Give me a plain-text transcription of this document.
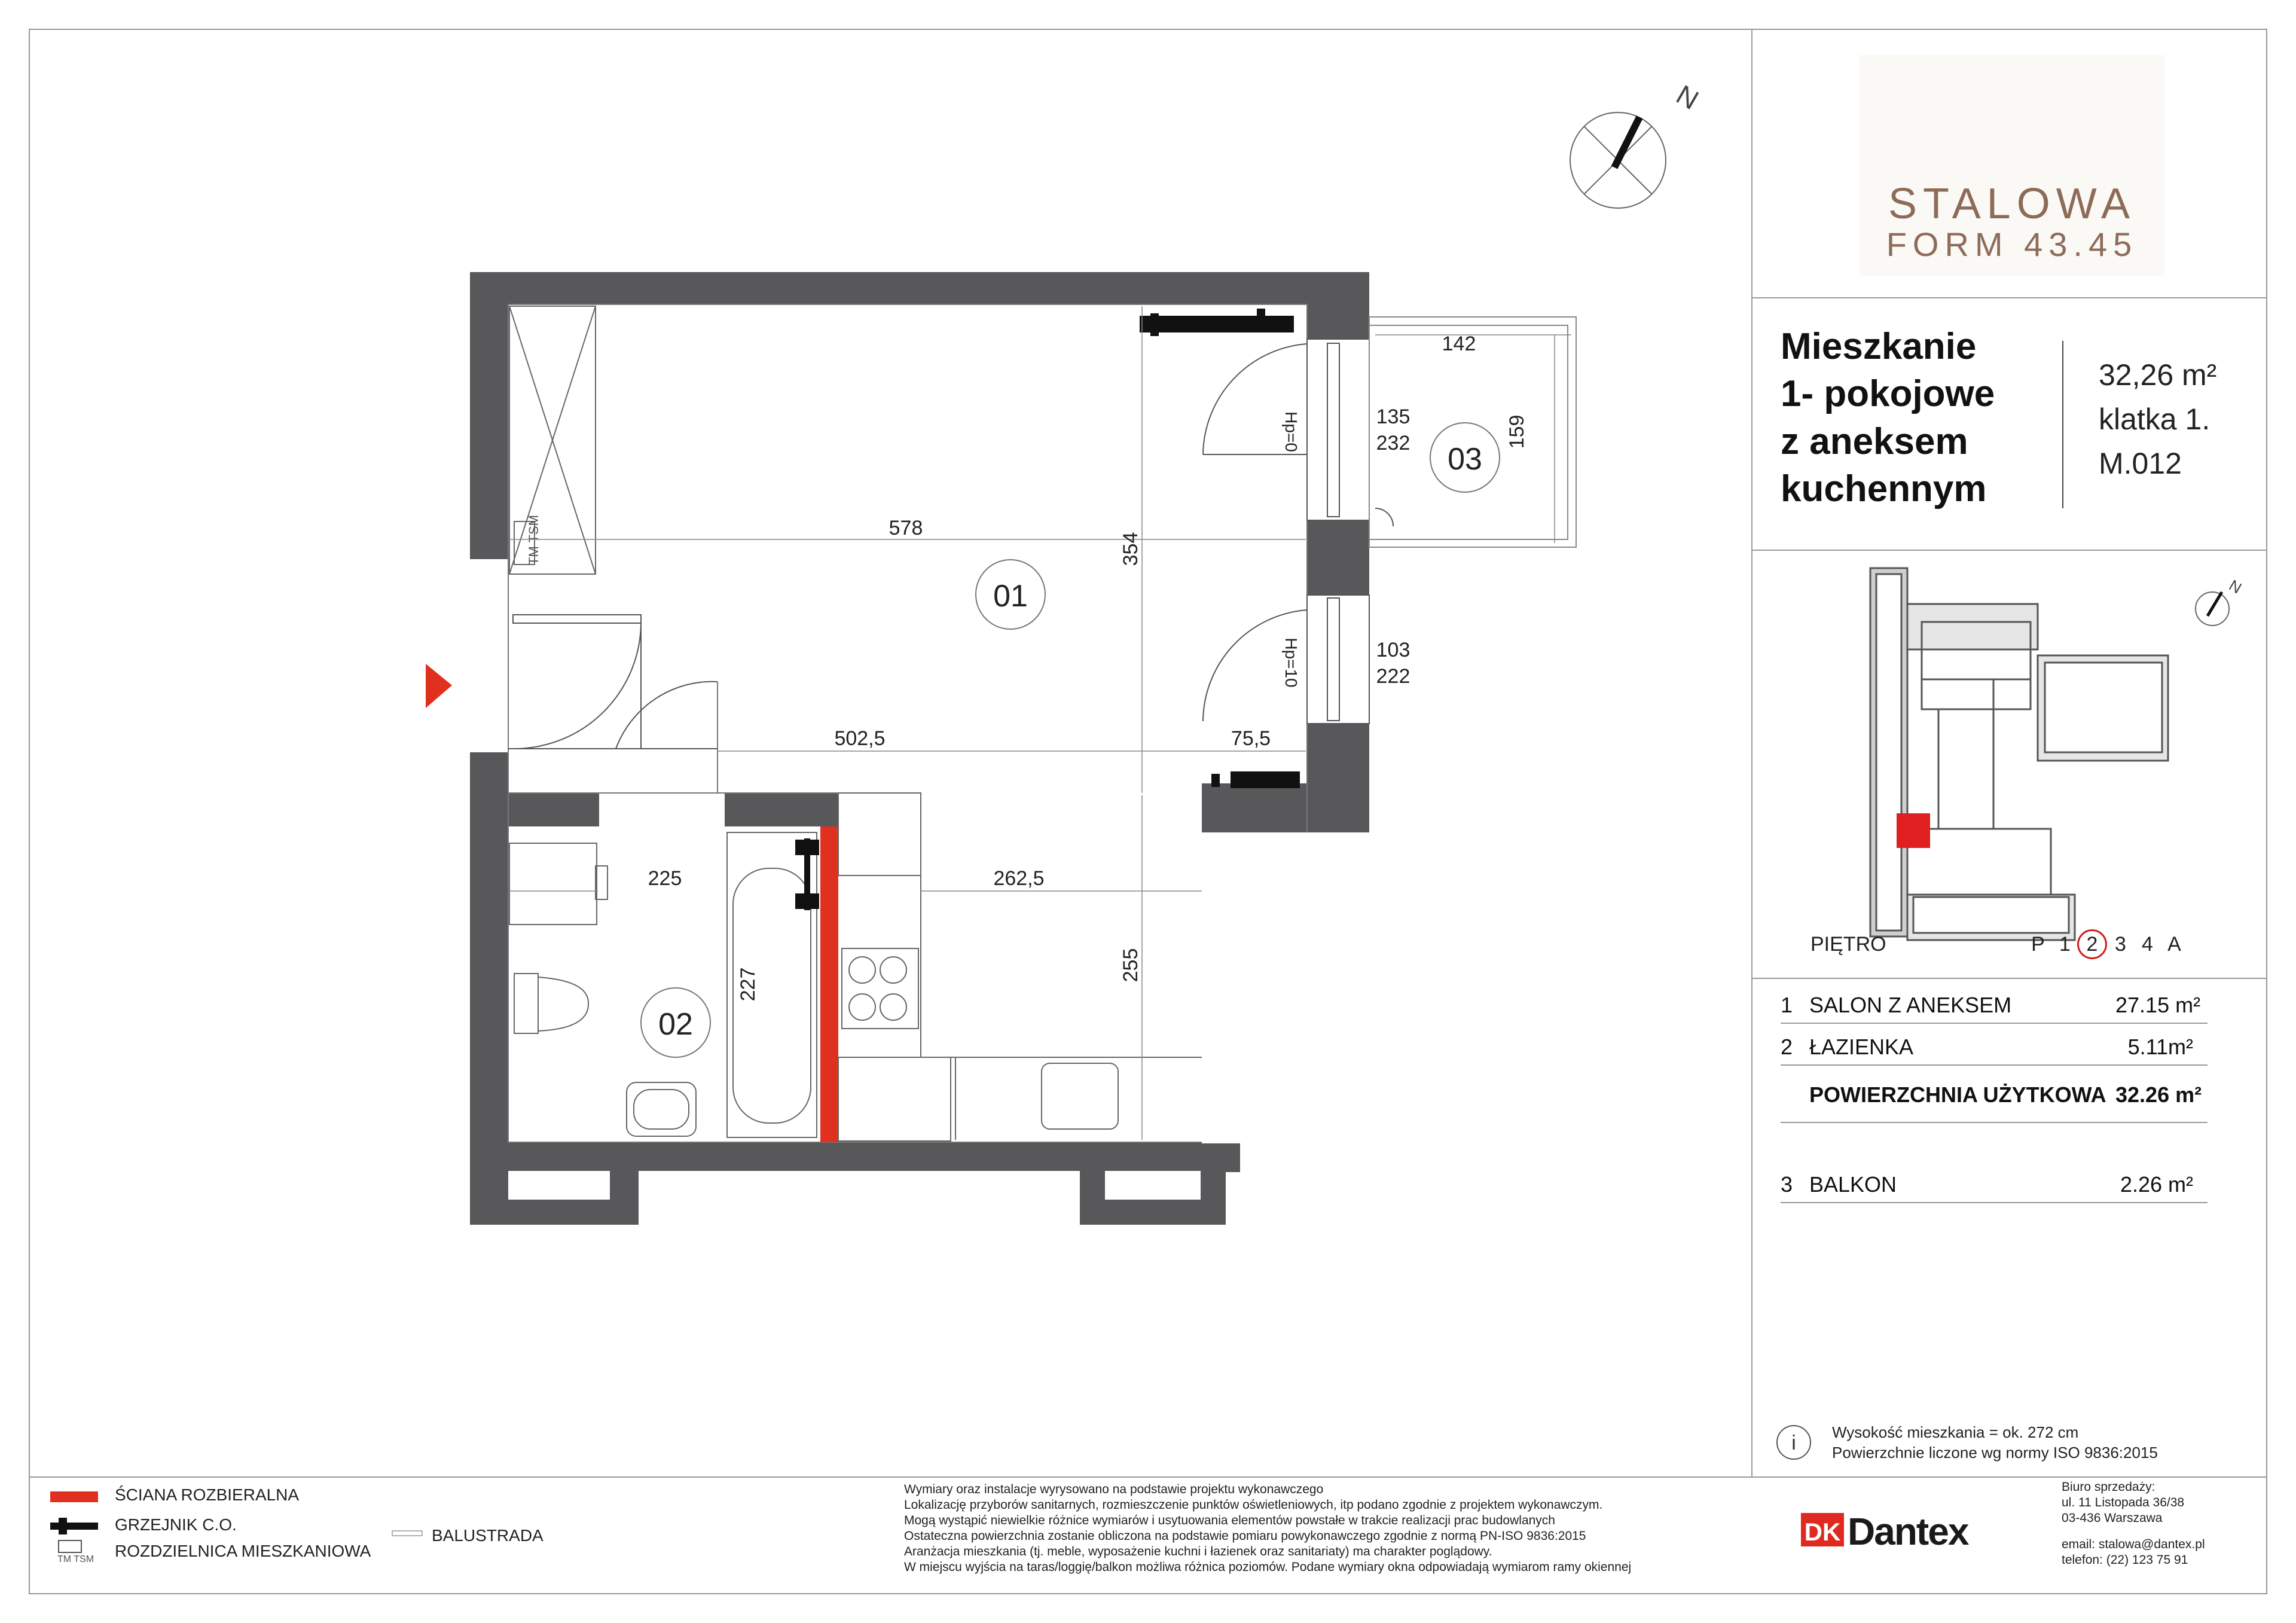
TM TSM
01
02
03
578
502,5	75,5
262,5
225
354
255
227
142
159
135
232
103
222
Hp=0
Hp=10
N
N
i
TM TSM
DK
STALOWA
FORM 43.45
Mieszkanie
1- pokojowe
z aneksem
kuchennym
32,26 m²
klatka 1.
M.012
PIĘTRO	P 1 2 3 4 A
1 SALON Z ANEKSEM	27.15 m²
2 ŁAZIENKA	5.11m²
POWIERZCHNIA UŻYTKOWA 32.26 m²
3 BALKON	2.26 m²
Wysokość mieszkania = ok. 272 cm
Powierzchnie liczone wg normy ISO 9836:2015
ŚCIANA ROZBIERALNA
GRZEJNIK C.O.
ROZDZIELNICA MIESZKANIOWA
BALUSTRADA
Wymiary oraz instalacje wyrysowano na podstawie projektu wykonawczego
Lokalizację przyborów sanitarnych, rozmieszczenie punktów oświetleniowych, itp podano zgodnie z projektem wykonawczym.
Mogą wystąpić niewielkie różnice wymiarów i usytuowania elementów powstałe w trakcie realizacji prac budowlanych
Ostateczna powierzchnia zostanie obliczona na podstawie pomiaru powykonawczego zgodnie z normą PN-ISO 9836:2015
Aranżacja mieszkania (tj. meble, wyposażenie kuchni i łazienek oraz sanitariaty) ma charakter poglądowy.
W miejscu wyjścia na taras/loggię/balkon możliwa różnica poziomów. Podane wymiary okna odpowiadają wymiarom ramy okiennej
Dantex
Biuro sprzedaży:
ul. 11 Listopada 36/38
03-436 Warszawa
email: stalowa@dantex.pl
telefon: (22) 123 75 91
